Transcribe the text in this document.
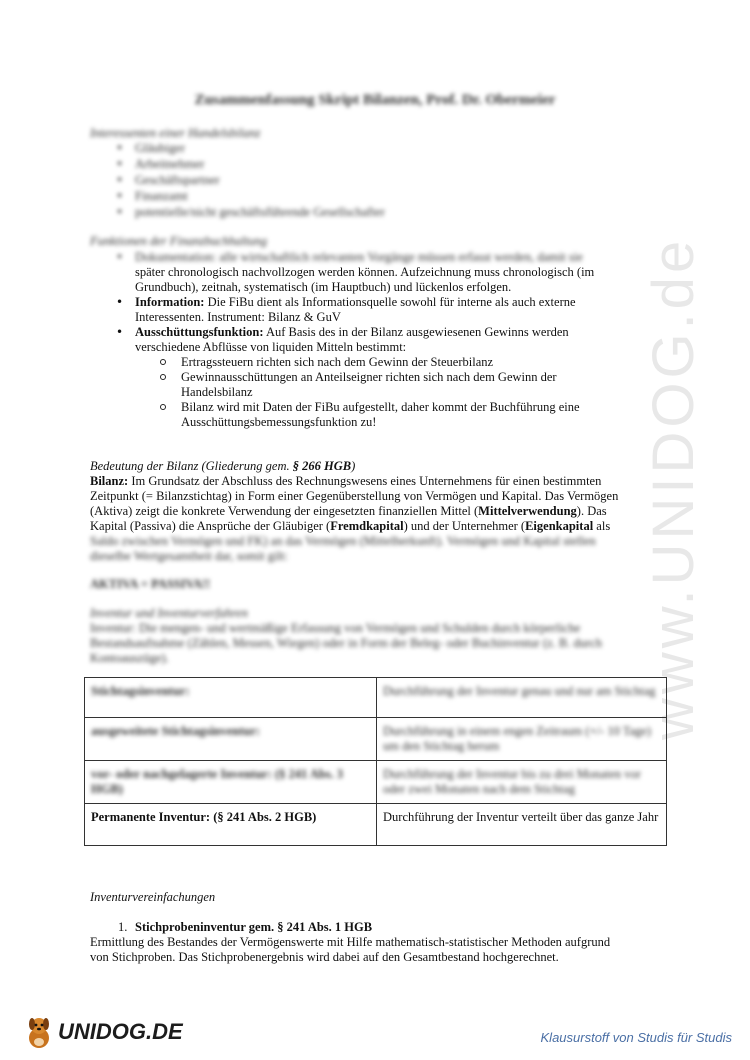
www.UNIDOG.de
Zusammenfassung Skript Bilanzen, Prof. Dr. Obermeier
Interessenten einer Handelsbilanz
• Gläubiger
• Arbeitnehmer
• Geschäftspartner
• Finanzamt
• potentielle/nicht geschäftsführende Gesellschafter
Funktionen der Finanzbuchhaltung
• Dokumentation: alle wirtschaftlich relevanten Vorgänge müssen erfasst werden, damit sie
später chronologisch nachvollzogen werden können. Aufzeichnung muss chronologisch (im
Grundbuch), zeitnah, systematisch (im Hauptbuch) und lückenlos erfolgen.
• Information: Die FiBu dient als Informationsquelle sowohl für interne als auch externe
Interessenten. Instrument: Bilanz & GuV
• Ausschüttungsfunktion: Auf Basis des in der Bilanz ausgewiesenen Gewinns werden
verschiedene Abflüsse von liquiden Mitteln bestimmt:
Ertragssteuern richten sich nach dem Gewinn der Steuerbilanz
Gewinnausschüttungen an Anteilseigner richten sich nach dem Gewinn der
Handelsbilanz
Bilanz wird mit Daten der FiBu aufgestellt, daher kommt der Buchführung eine
Ausschüttungsbemessungsfunktion zu!
Bedeutung der Bilanz (Gliederung gem. § 266 HGB)
Bilanz: Im Grundsatz der Abschluss des Rechnungswesens eines Unternehmens für einen bestimmten
Zeitpunkt (= Bilanzstichtag) in Form einer Gegenüberstellung von Vermögen und Kapital. Das Vermögen
(Aktiva) zeigt die konkrete Verwendung der eingesetzten finanziellen Mittel (Mittelverwendung). Das
Kapital (Passiva) die Ansprüche der Gläubiger (Fremdkapital) und der Unternehmer (Eigenkapital als
Saldo zwischen Vermögen und FK) an das Vermögen (Mittelherkunft). Vermögen und Kapital stellen
dieselbe Wertgesamtheit dar, somit gilt:
AKTIVA = PASSIVA!!
Inventur und Inventurverfahren
Inventur: Die mengen- und wertmäßige Erfassung von Vermögen und Schulden durch körperliche
Bestandsaufnahme (Zählen, Messen, Wiegen) oder in Form der Beleg- oder Buchinventur (z. B. durch
Kontoauszüge).
Stichtagsinventur:	Durchführung der Inventur genau und nur am Stichtag
ausgeweitete Stichtagsinventur:	Durchführung in einem engen Zeitraum (+/- 10 Tage) um den Stichtag herum
vor- oder nachgelagerte Inventur: (§ 241 Abs. 3 HGB)	Durchführung der Inventur bis zu drei Monaten vor oder zwei Monaten nach dem Stichtag
Permanente Inventur: (§ 241 Abs. 2 HGB)	Durchführung der Inventur verteilt über das ganze Jahr
Inventurvereinfachungen
1. Stichprobeninventur gem. § 241 Abs. 1 HGB
Ermittlung des Bestandes der Vermögenswerte mit Hilfe mathematisch-statistischer Methoden aufgrund
von Stichproben. Das Stichprobenergebnis wird dabei auf den Gesamtbestand hochgerechnet.
UNIDOG.DE	Klausurstoff von Studis für Studis
